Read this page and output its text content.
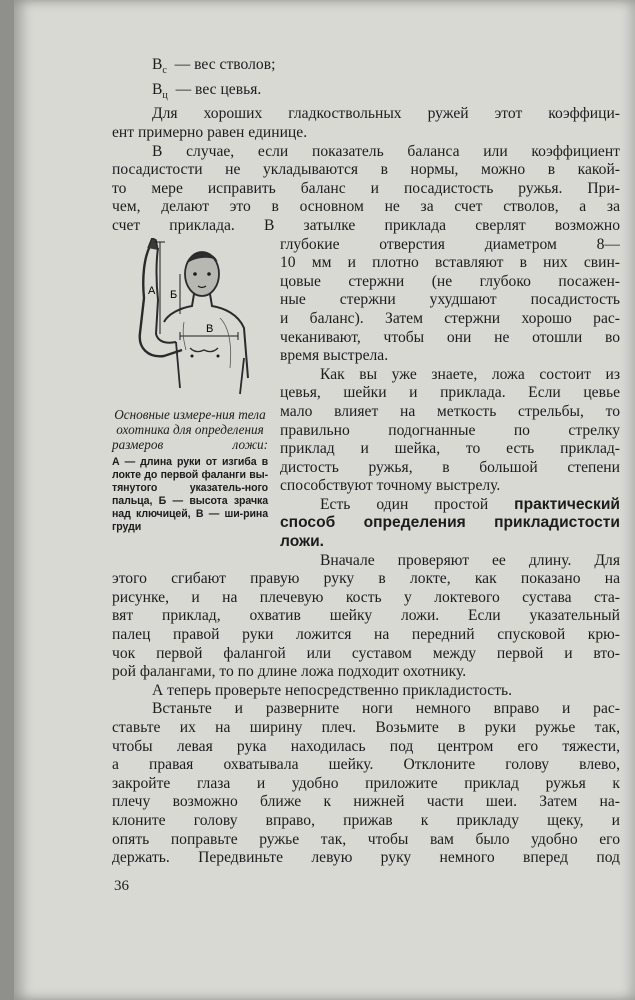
$В_с$ — вес стволов;
$В_ц$ — вес цевья.
Для хороших гладкоствольных ружей этот коэффици-
ент примерно равен единице.
В случае, если показатель баланса или коэффициент
посадистости не укладываются в нормы, можно в какой-
то мере исправить баланс и посадистость ружья. При-
чем, делают это в основном не за счет стволов, а за
счет приклада. В затылке приклада сверлят возможно
А Б
В

Основные измере-ния тела охотника для определения размеров ложи:

А — длина руки от изгиба в локте до первой фаланги вы-тянутого указатель-ного пальца, Б — высота зрачка над ключицей, В — ши-рина груди

глубокие отверстия диаметром 8—
10 мм и плотно вставляют в них свин-
цовые стержни (не глубоко посажен-
ные стержни ухудшают посадистость
и баланс). Затем стержни хорошо рас-
чеканивают, чтобы они не отошли во
время выстрела.
Как вы уже знаете, ложа состоит из
цевья, шейки и приклада. Если цевье
мало влияет на меткость стрельбы, то
правильно подогнанные по стрелку
приклад и шейка, то есть приклад-
дистость ружья, в большой степени
способствуют точному выстрелу.
Есть один простой практический
способ определения прикладистости
ложи.
Вначале проверяют ее длину. Для
этого сгибают правую руку в локте, как показано на
рисунке, и на плечевую кость у локтевого сустава ста-
вят приклад, охватив шейку ложи. Если указательный
палец правой руки ложится на передний спусковой крю-
чок первой фалангой или суставом между первой и вто-
рой фалангами, то по длине ложа подходит охотнику.
А теперь проверьте непосредственно прикладистость.
Встаньте и разверните ноги немного вправо и рас-
ставьте их на ширину плеч. Возьмите в руки ружье так,
чтобы левая рука находилась под центром его тяжести,
а правая охватывала шейку. Отклоните голову влево,
закройте глаза и удобно приложите приклад ружья к
плечу возможно ближе к нижней части шеи. Затем на-
клоните голову вправо, прижав к прикладу щеку, и
опять поправьте ружье так, чтобы вам было удобно его
держать. Передвиньте левую руку немного вперед под
36
